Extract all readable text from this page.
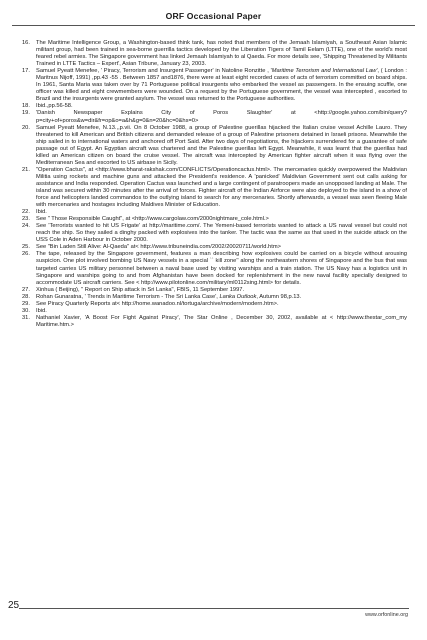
ORF Occasional Paper
16.	The Maritime Intelligence Group, a Washington-based think tank, has noted that members of the Jemaah Islamiyah, a Southeast Asian Islamic militant group, had been trained in sea-borne guerrilla tactics developed by the Liberation Tigers of Tamil Eelam (LTTE), one of the world's most feared rebel armies. The Singapore government has linked Jemaah Islamiyah to al Qaeda. For more details see, 'Shipping Threatened by Militants Trained in LTTE Tactics – Expert', Asian Tribune, January 23, 2003.
17.	Samuel Pyeatt Menefee, ' Piracy, Terrorism and Insurgent Passenger' in Natoline Ronzitte , 'Maritime Terrorism and International Law', ( London : Maritnus Nijoff, 1991) ,pp.43 -55 . Between 1857 and1876, there were at least eight recorded cases of acts of terrorism committed on board ships. In 1961, Santa Maria was taken over by 71 Portuguese political insurgents who embarked the vessel as passengers. In the ensuing scuffle, one officer was killed and eight crewmembers were wounded. On a request by the Portuguese government, the vessel was intercepted , escorted to Brazil and the insurgents were granted asylum. The vessel was returned to the Portuguese authorities.
18.	Ibid.,pp.56-58.
19.	'Danish Newspaper Explains City of Poros Slaughter' at <http://google.yahoo.com/bin/query?p=city+of+poros&w=dir&fr=op&o=a&h&g=0&n=20&hc=0&hs=0>
20.	Samuel Pyeatt Menefee, N.13.,,p.vii. On 8 October 1988, a group of Palestine guerillas hijacked the Italian cruise vessel Achille Lauro. They threatened to kill American and British citizens and demanded release of a group of Palestine prisoners detained in Israeli prisons. Meanwhile the ship sailed in to international waters and anchored off Port Said. After two days of negotiations, the hijackers surrendered for a guarantee of safe passage out of Egypt. An Egyptian aircraft was chartered and the Palestine guerillas left Egypt. Meanwhile, it was learnt that the guerillas had killed an American citizen on board the cruise vessel. The aircraft was intercepted by American fighter aircraft when it was flying over the Mediterranean Sea and escorted to US airbase in Sicily.
21.	"Operation Cactus", at <http://www.bharat-rakshak.com/CONFLICTS/Operationcactus.html>. The mercenaries quickly overpowered the Maldivian Militia using rockets and machine guns and attacked the President's residence. A 'panicked' Maldivian Government sent out calls asking for assistance and India responded. Operation Cactus was launched and a large contingent of paratroopers made an unopposed landing at Male. The island was secured within 30 minutes after the arrival of forces. Fighter aircraft of the Indian Airforce were also deployed to the island in a show of force and helicopters landed commandos to the outlying island to search for any mercenaries. Shortly afterwards, a vessel was seen fleeing Male with mercenaries and hostages including Maldives Minister of Education.
22.	Ibid.
23.	See " Those Responsible Caught", at <http://www.cargolaw.com/2000nightmare_cole.html.>
24.	See 'Terrorists wanted to hit US Frigate' at http://maritime.com/. The Yemeni-based terrorists wanted to attack a US naval vessel but could not reach the ship. So they sailed a dinghy packed with explosives into the tanker. The tactic was the same as that used in the suicide attack on the USS Cole in Aden Harbour in October 2000.
25.	See "Bin Laden Still Alive: Al-Qaeda" at< http://www.tribuneindia.com/2002/20020711/world.htm>
26.	The tape, released by the Singapore government, features a man describing how explosives could be carried on a bicycle without arousing suspicion. One plot involved bombing US Navy vessels in a special `` kill zone'' along the northeastern shores of Singapore and the bus that was targeted carries US military personnel between a naval base used by visiting warships and a train station. The US Navy has a logistics unit in Singapore and warships going to and from Afghanistan have been docked for replenishment in the new naval facility specially designed to accommodate US aircraft carriers. See < http://www.pilotonline.com/military/ml0112sing.html> for details.
27.	Xinhua ( Beijing), " Report on Ship attack in Sri Lanka", FBIS, 11 September 1997.
28.	Rohan Gunaratna, ' Trends in Maritime Terrorism - The Sri Lanka Case', Lanka Outlook, Autumn 98,p.13.
29.	See Piracy Quarterly Reports at< http://home.wanadoo.nl/tortuga/archive/modern/modern.htm>.
30.	Ibid.
31.	Nathaniel Xavier, 'A Boost For Fight Against Piracy', The Star Online , December 30, 2002, available at < http://www.thestar_com_my Maritime.htm.>
25
www.orfonline.org
